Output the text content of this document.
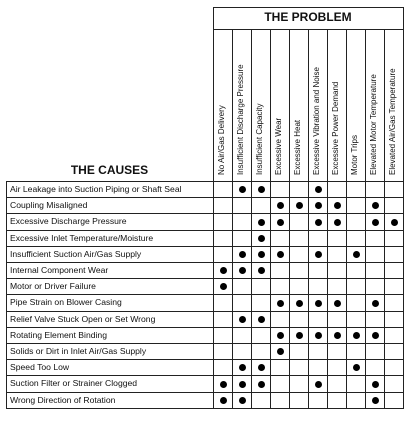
THE PROBLEM
THE CAUSES	No Air/Gas Delivery Insufficient Discharge Pressure Insufficient Capacity Excessive Wear Excessive Heat Excessive Vibration and Noise Excessive Power Demand Motor Trips Elevated Motor Temperature Elevated Air/Gas Temperature
Air Leakage into Suction Piping or Shaft Seal
Coupling Misaligned
Excessive Discharge Pressure
Excessive Inlet Temperature/Moisture
Insufficient Suction Air/Gas Supply
Internal Component Wear
Motor or Driver Failure
Pipe Strain on Blower Casing
Relief Valve Stuck Open or Set Wrong
Rotating Element Binding
Solids or Dirt in Inlet Air/Gas Supply
Speed Too Low
Suction Filter or Strainer Clogged
Wrong Direction of Rotation
